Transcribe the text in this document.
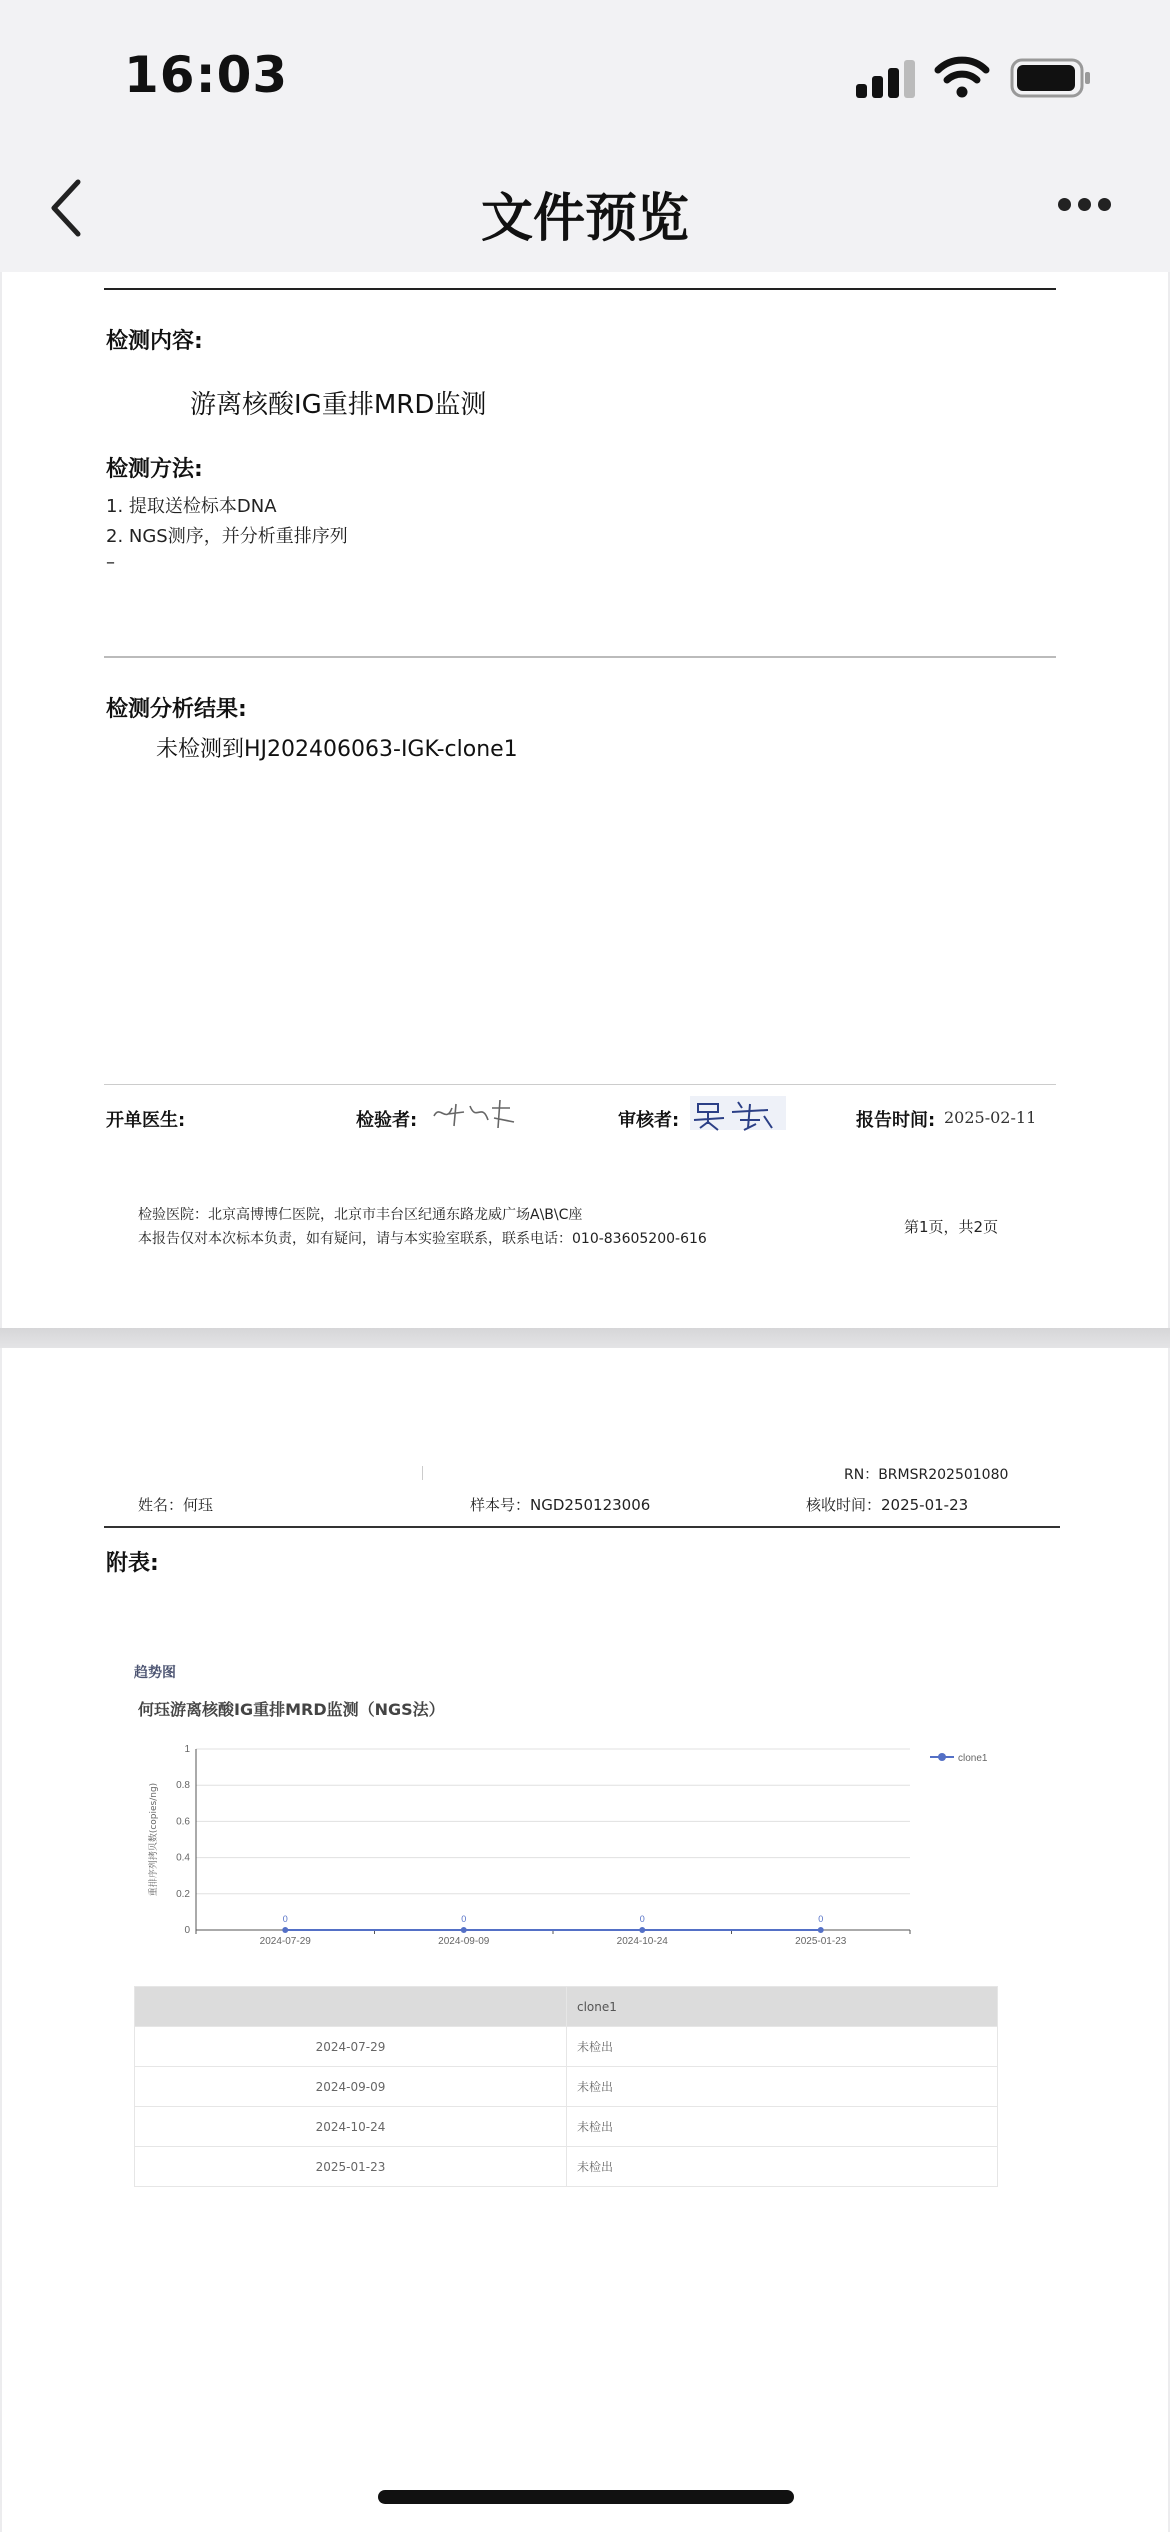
16:03
文件预览
检测内容:
游离核酸IG重排MRD监测
检测方法:
1. 提取送检标本DNA
2. NGS测序，并分析重排序列
–
检测分析结果:
未检测到HJ202406063-IGK-clone1
开单医生:	检验者:	审核者:	报告时间: 2025-02-11
检验医院：北京高博博仁医院，北京市丰台区纪通东路龙威广场A\B\C座
本报告仅对本次标本负责，如有疑问，请与本实验室联系，联系电话：010-83605200-616
第1页，共2页
RN：BRMSR202501080
姓名：何珏	样本号：NGD250123006	核收时间：2025-01-23
附表:
趋势图
何珏游离核酸IG重排MRD监测（NGS法）
0
0.2
0.4
0.6
0.8
1
重排序列拷贝数(copies/ng)
2024-07-29	2024-09-09	2024-10-24	2025-01-23
0	0	0	0
clone1
	clone1
2024-07-29	未检出
2024-09-09	未检出
2024-10-24	未检出
2025-01-23	未检出
